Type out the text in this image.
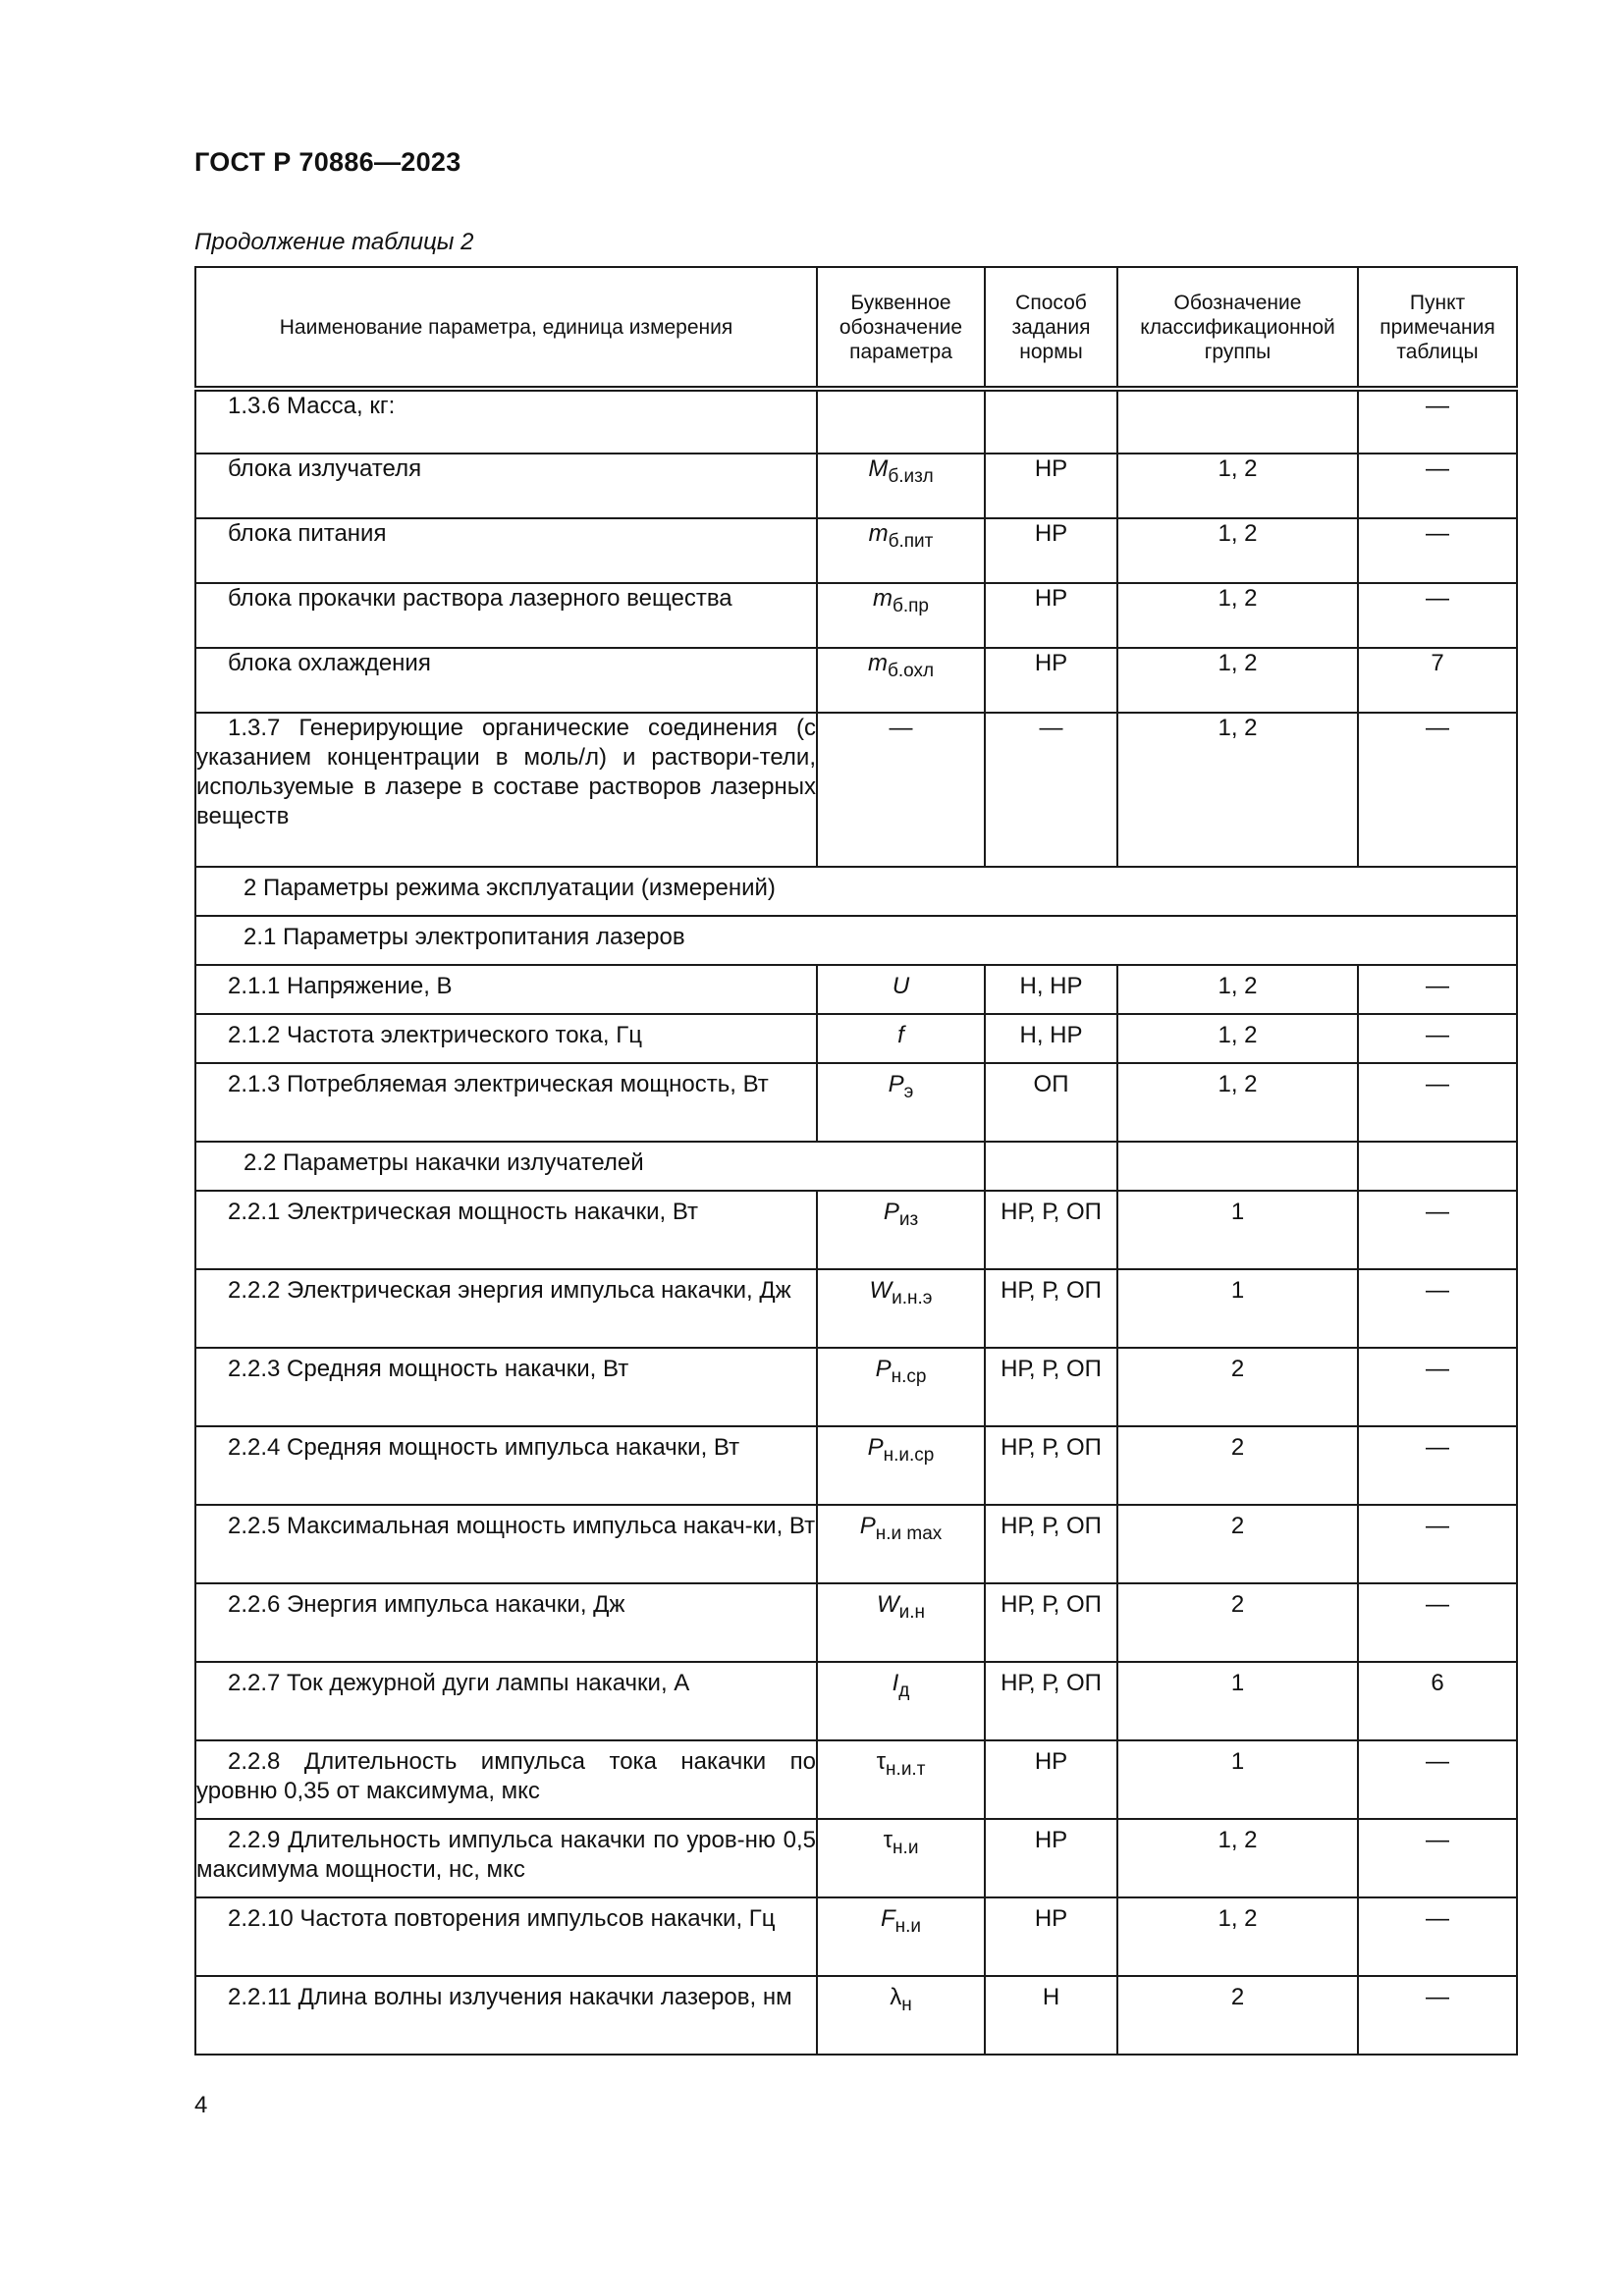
ГОСТ Р 70886—2023
Продолжение таблицы 2
Наименование параметра, единица измерения	Буквенное обозначение параметра	Способ задания нормы	Обозначение классификационной группы	Пункт примечания таблицы

1.3.6 Масса, кг:				—

блока излучателя	$M_{б.изл}$	НР	1, 2	—

блока питания	$m_{б.пит}$	НР	1, 2	—

блока прокачки раствора лазерного вещества	$m_{б.пр}$	НР	1, 2	—

блока охлаждения	$m_{б.охл}$	НР	1, 2	7

1.3.7 Генерирующие органические соединения (с указанием концентрации в моль/л) и раствори-тели, используемые в лазере в составе растворов лазерных веществ	—	—	1, 2	—
2 Параметры режима эксплуатации (измерений)				
2.1 Параметры электропитания лазеров				

2.1.1 Напряжение, В	U	Н, НР	1, 2	—

2.1.2 Частота электрического тока, Гц	f	Н, НР	1, 2	—

2.1.3 Потребляемая электрическая мощность, Вт	$P_э$	ОП	1, 2	—
2.2 Параметры накачки излучателей				

2.2.1 Электрическая мощность накачки, Вт	$P_{из}$	НР, Р, ОП	1	—

2.2.2 Электрическая энергия импульса накачки, Дж	$W_{и.н.э}$	НР, Р, ОП	1	—

2.2.3 Средняя мощность накачки, Вт	$P_{н.ср}$	НР, Р, ОП	2	—

2.2.4 Средняя мощность импульса накачки, Вт	$P_{н.и.ср}$	НР, Р, ОП	2	—

2.2.5 Максимальная мощность импульса накач-ки, Вт	$P_{н.и max}$	НР, Р, ОП	2	—

2.2.6 Энергия импульса накачки, Дж	$W_{и.н}$	НР, Р, ОП	2	—

2.2.7 Ток дежурной дуги лампы накачки, А	$I_д$	НР, Р, ОП	1	6

2.2.8 Длительность импульса тока накачки по уровню 0,35 от максимума, мкс	$\tau_{н.и.т}$	НР	1	—

2.2.9 Длительность импульса накачки по уров-ню 0,5 максимума мощности, нс, мкс	$\tau_{н.и}$	НР	1, 2	—

2.2.10 Частота повторения импульсов накачки, Гц	$F_{н.и}$	НР	1, 2	—

2.2.11 Длина волны излучения накачки лазеров, нм	$\lambda_н$	Н	2	—
4
